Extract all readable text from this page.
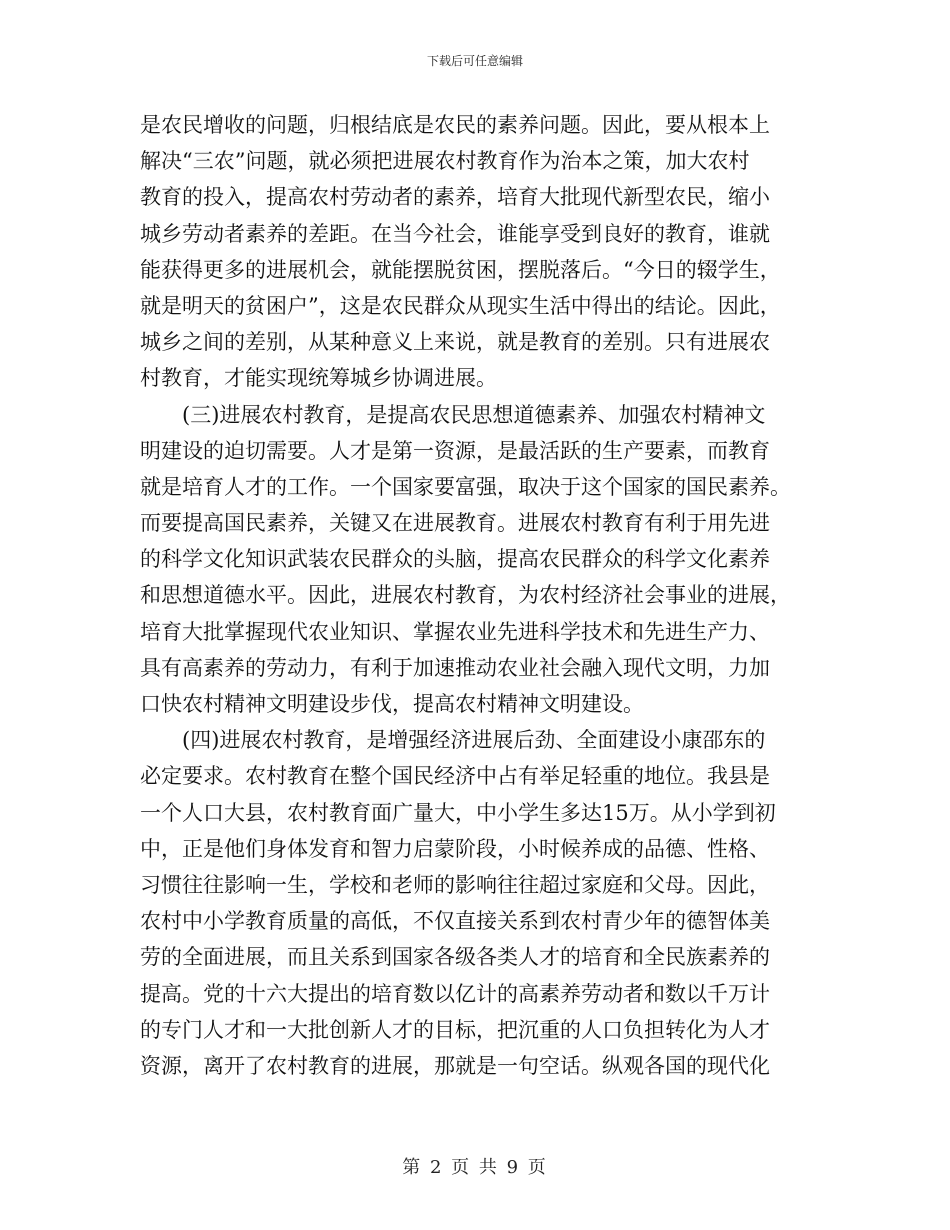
下载后可任意编辑
是农民增收的问题，归根结底是农民的素养问题。因此，要从根本上
解决“三农”问题，就必须把进展农村教育作为治本之策，加大农村
教育的投入，提高农村劳动者的素养，培育大批现代新型农民，缩小
城乡劳动者素养的差距。在当今社会，谁能享受到良好的教育，谁就
能获得更多的进展机会，就能摆脱贫困，摆脱落后。“今日的辍学生，
就是明天的贫困户”，这是农民群众从现实生活中得出的结论。因此，
城乡之间的差别，从某种意义上来说，就是教育的差别。只有进展农
村教育，才能实现统筹城乡协调进展。
(三)进展农村教育，是提高农民思想道德素养、加强农村精神文
明建设的迫切需要。人才是第一资源，是最活跃的生产要素，而教育
就是培育人才的工作。一个国家要富强，取决于这个国家的国民素养。
而要提高国民素养，关键又在进展教育。进展农村教育有利于用先进
的科学文化知识武装农民群众的头脑，提高农民群众的科学文化素养
和思想道德水平。因此，进展农村教育，为农村经济社会事业的进展，
培育大批掌握现代农业知识、掌握农业先进科学技术和先进生产力、
具有高素养的劳动力，有利于加速推动农业社会融入现代文明，力加
口快农村精神文明建设步伐，提高农村精神文明建设。
(四)进展农村教育，是增强经济进展后劲、全面建设小康邵东的
必定要求。农村教育在整个国民经济中占有举足轻重的地位。我县是
一个人口大县，农村教育面广量大，中小学生多达15万。从小学到初
中，正是他们身体发育和智力启蒙阶段，小时候养成的品德、性格、
习惯往往影响一生，学校和老师的影响往往超过家庭和父母。因此，
农村中小学教育质量的高低，不仅直接关系到农村青少年的德智体美
劳的全面进展，而且关系到国家各级各类人才的培育和全民族素养的
提高。党的十六大提出的培育数以亿计的高素养劳动者和数以千万计
的专门人才和一大批创新人才的目标，把沉重的人口负担转化为人才
资源，离开了农村教育的进展，那就是一句空话。纵观各国的现代化
第 2 页 共 9 页
